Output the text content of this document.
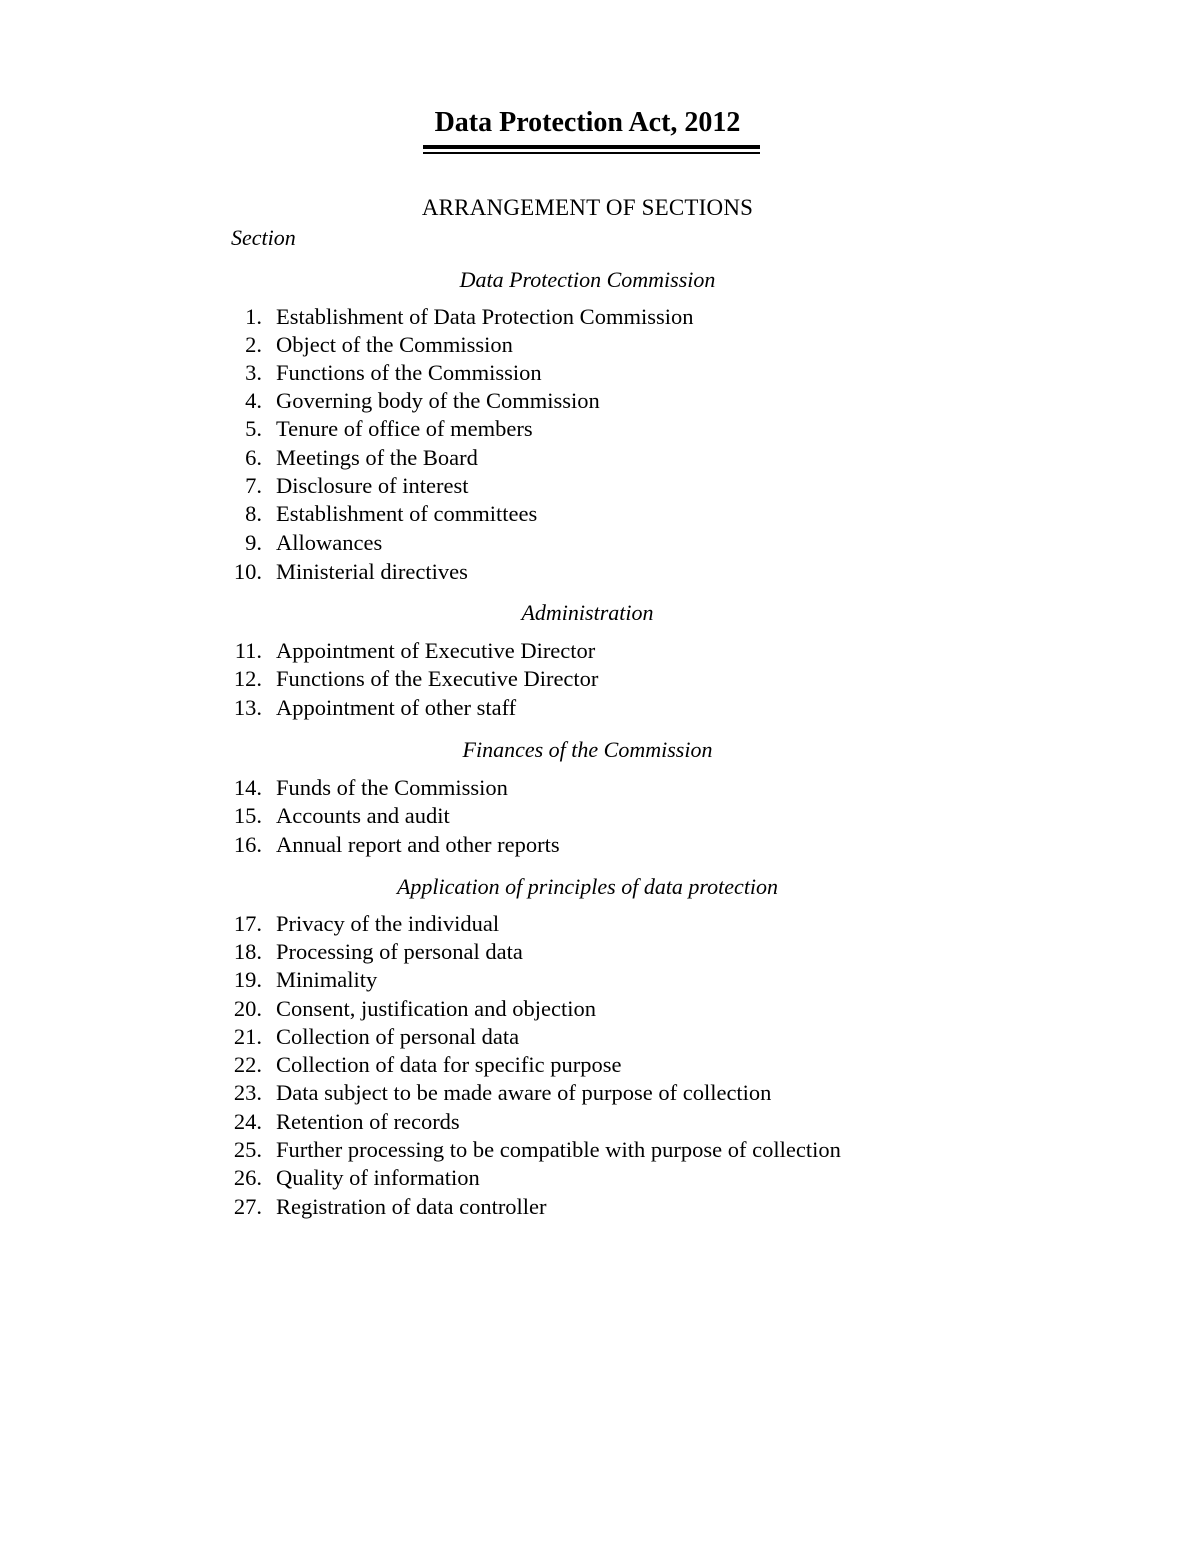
Data Protection Act, 2012
ARRANGEMENT OF SECTIONS
Section
Data Protection Commission
1. Establishment of Data Protection Commission
2. Object of the Commission
3. Functions of the Commission
4. Governing body of the Commission
5. Tenure of office of members
6. Meetings of the Board
7. Disclosure of interest
8. Establishment of committees
9. Allowances
10. Ministerial directives
Administration
11. Appointment of Executive Director
12. Functions of the Executive Director
13. Appointment of other staff
Finances of the Commission
14. Funds of the Commission
15. Accounts and audit
16. Annual report and other reports
Application of principles of data protection
17. Privacy of the individual
18. Processing of personal data
19. Minimality
20. Consent, justification and objection
21. Collection of personal data
22. Collection of data for specific purpose
23. Data subject to be made aware of purpose of collection
24. Retention of records
25. Further processing to be compatible with purpose of collection
26. Quality of information
27. Registration of data controller
